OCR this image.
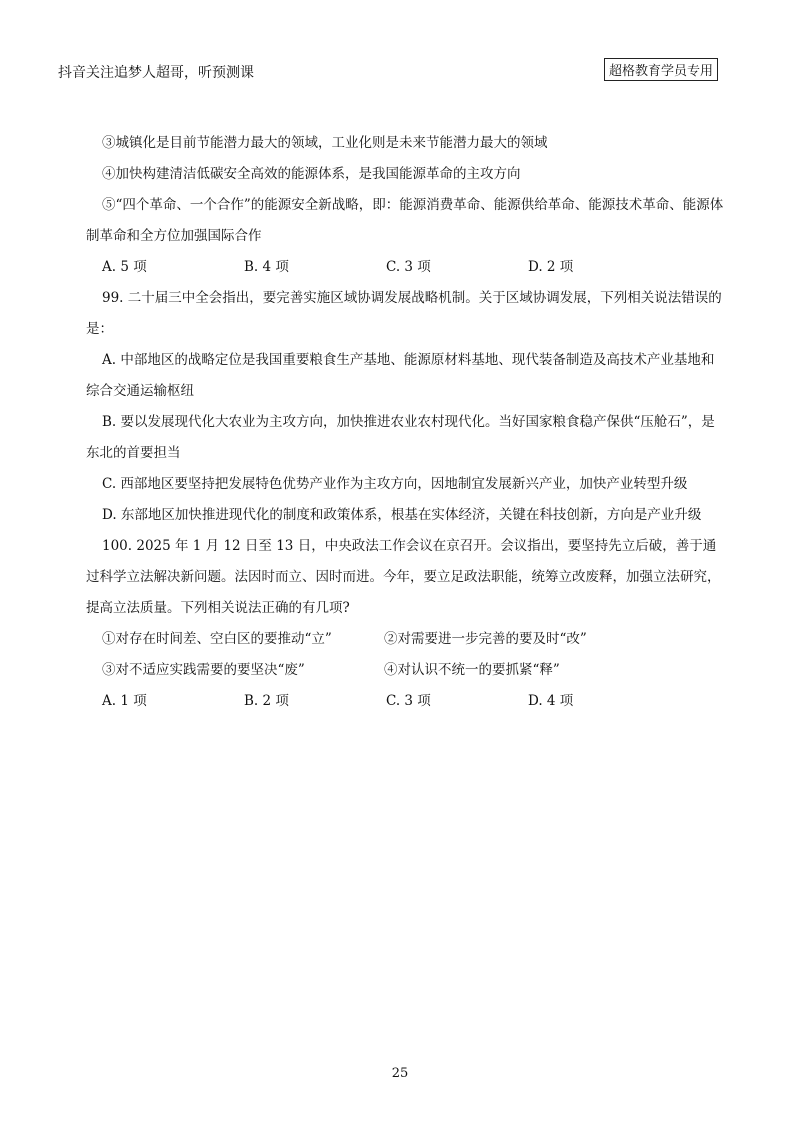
抖音关注追梦人超哥，听预测课	超格教育学员专用

③城镇化是目前节能潜力最大的领域，工业化则是未来节能潜力最大的领域

④加快构建清洁低碳安全高效的能源体系，是我国能源革命的主攻方向

⑤“四个革命、一个合作”的能源安全新战略，即：能源消费革命、能源供给革命、能源技术革命、能源体制革命和全方位加强国际合作

A. 5 项	B. 4 项	C. 3 项	D. 2 项

99. 二十届三中全会指出，要完善实施区域协调发展战略机制。关于区域协调发展，下列相关说法错误的是：

A. 中部地区的战略定位是我国重要粮食生产基地、能源原材料基地、现代装备制造及高技术产业基地和综合交通运输枢纽

B. 要以发展现代化大农业为主攻方向，加快推进农业农村现代化。当好国家粮食稳产保供“压舱石”，是东北的首要担当

C. 西部地区要坚持把发展特色优势产业作为主攻方向，因地制宜发展新兴产业，加快产业转型升级

D. 东部地区加快推进现代化的制度和政策体系，根基在实体经济，关键在科技创新，方向是产业升级

100. 2025 年 1 月 12 日至 13 日，中央政法工作会议在京召开。会议指出，要坚持先立后破，善于通过科学立法解决新问题。法因时而立、因时而进。今年，要立足政法职能，统筹立改废释，加强立法研究，提高立法质量。下列相关说法正确的有几项?

①对存在时间差、空白区的要推动“立”	②对需要进一步完善的要及时“改”
③对不适应实践需要的要坚决“废”	④对认识不统一的要抓紧“释”
A. 1 项	B. 2 项	C. 3 项	D. 4 项
25
